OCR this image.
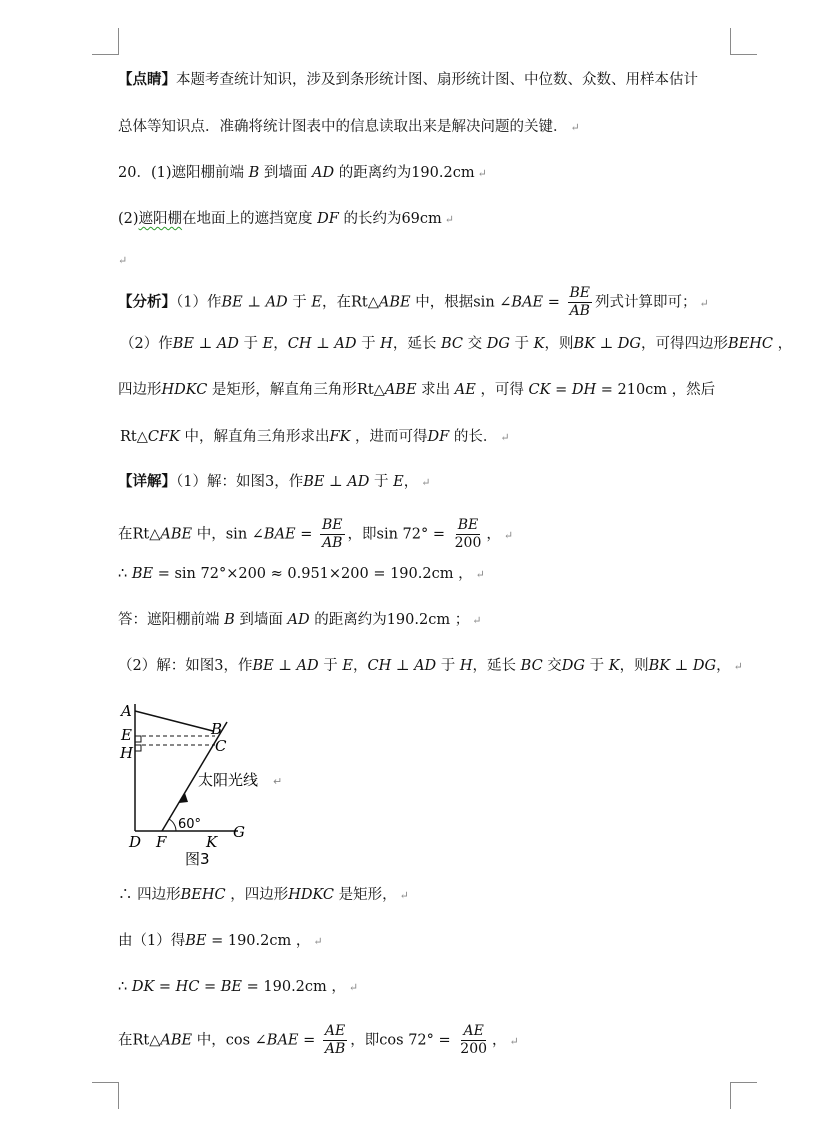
【点睛】本题考查统计知识，涉及到条形统计图、扇形统计图、中位数、众数、用样本估计
总体等知识点．准确将统计图表中的信息读取出来是解决问题的关键． ↵
20．(1)遮阳棚前端 B 到墙面 AD 的距离约为190.2cm ↵
(2)遮阳棚在地面上的遮挡宽度 DF 的长约为69cm ↵
↵
【分析】（1）作BE ⊥ AD 于 E，在Rt△ABE 中，根据sin ∠BAE = $\frac{BE}{AB}$ 列式计算即可； ↵
（2）作BE ⊥ AD 于 E，CH ⊥ AD 于 H，延长 BC 交 DG 于 K，则BK ⊥ DG，可得四边形BEHC ，
四边形HDKC 是矩形，解直角三角形Rt△ABE 求出 AE ，可得 CK = DH = 210cm ，然后
Rt△CFK 中，解直角三角形求出FK ，进而可得DF 的长． ↵
【详解】（1）解：如图3，作BE ⊥ AD 于 E， ↵
在Rt△ABE 中，sin ∠BAE = $\frac{BE}{AB}$ ，即$\sin 72^\circ = \frac{BE}{200}$ ， ↵
∴ BE = sin 72°×200 ≈ 0.951×200 = 190.2cm ， ↵
答：遮阳棚前端 B 到墙面 AD 的距离约为190.2cm ； ↵
（2）解：如图3，作BE ⊥ AD 于 E，CH ⊥ AD 于 H，延长 BC 交DG 于 K，则BK ⊥ DG， ↵
A
B
C
E
H
D F	K
G
60°
太阳光线 ↵
图3
∴ 四边形BEHC ，四边形HDKC 是矩形， ↵
由（1）得BE = 190.2cm ， ↵
∴ DK = HC = BE = 190.2cm ， ↵
在Rt△ABE 中，cos ∠BAE = $\frac{AE}{AB}$ ，即$\cos 72^\circ = \frac{AE}{200}$ ， ↵
